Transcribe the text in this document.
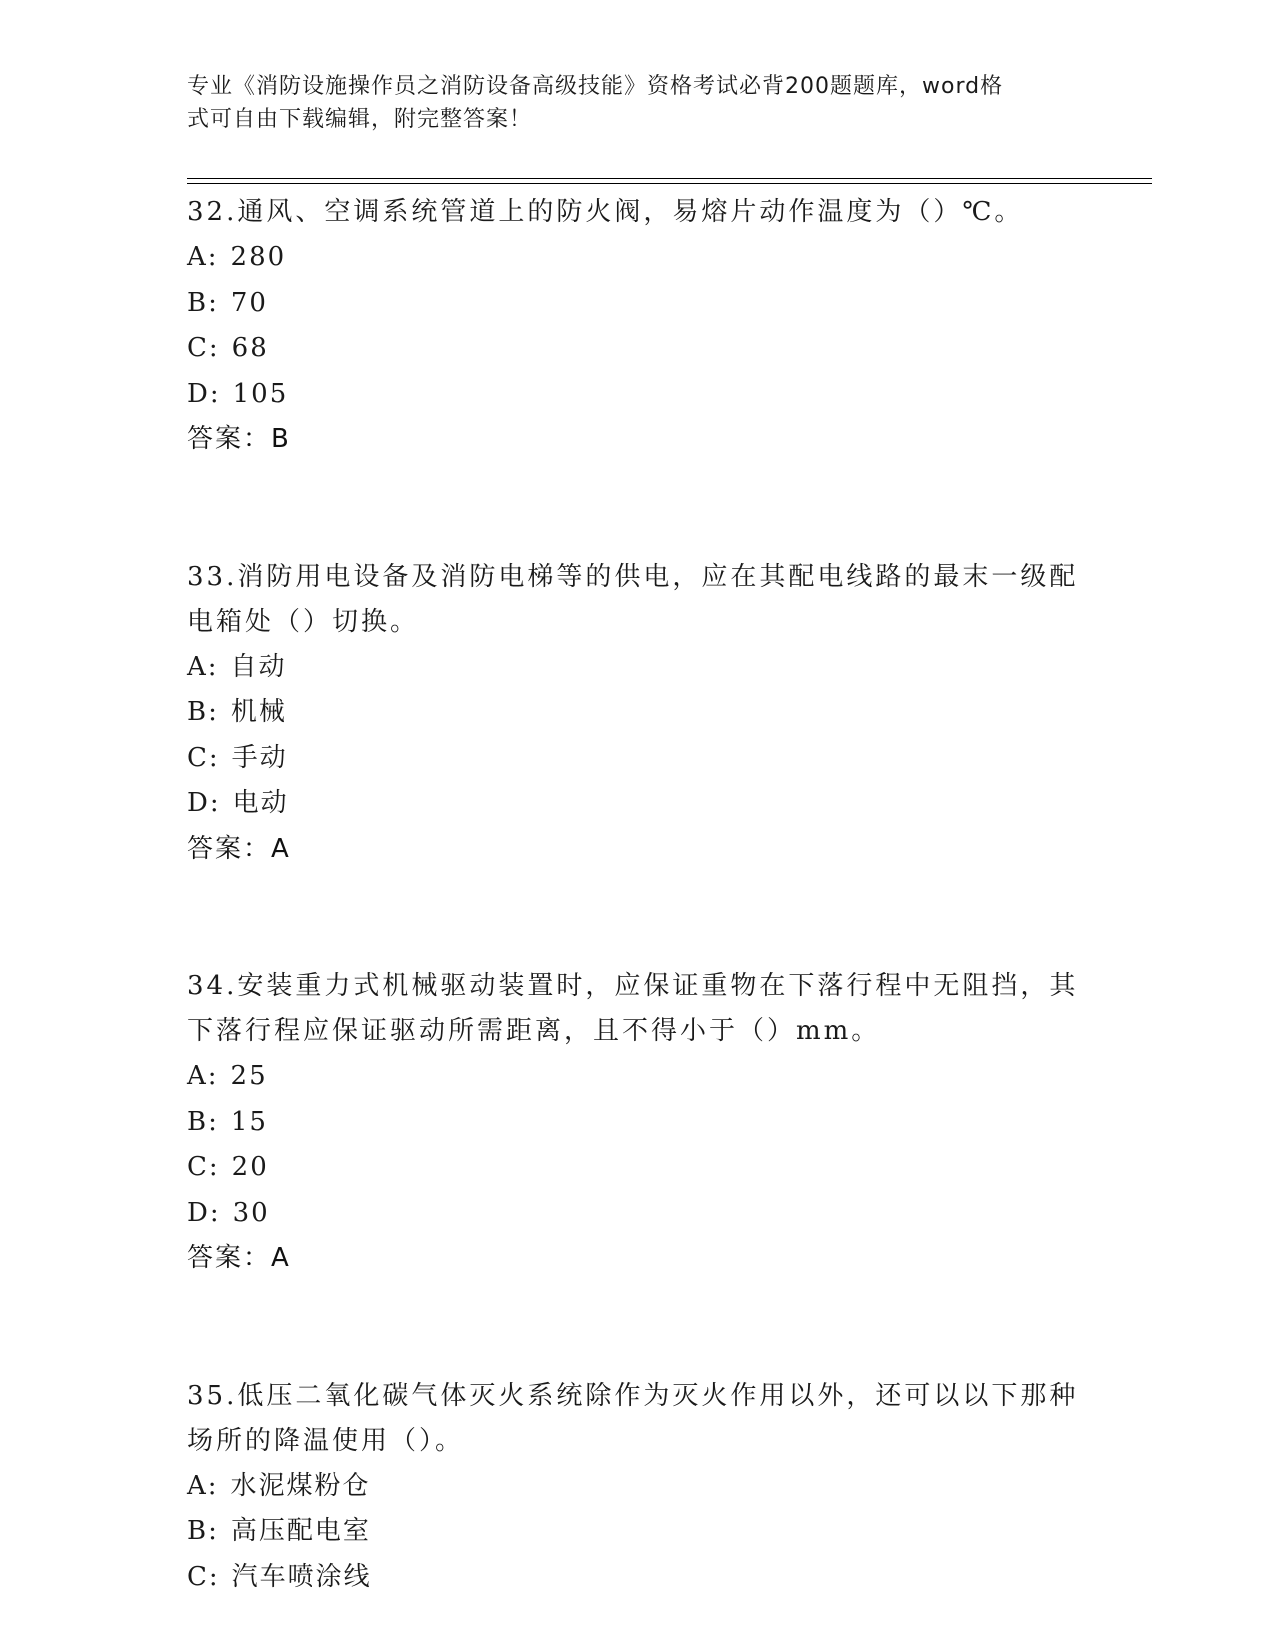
专业《消防设施操作员之消防设备高级技能》资格考试必背200题题库，word格
式可自由下载编辑，附完整答案！
32.通风、空调系统管道上的防火阀，易熔片动作温度为（）℃。
A: 280
B: 70
C: 68
D: 105
答案：B
33.消防用电设备及消防电梯等的供电，应在其配电线路的最末一级配
电箱处（）切换。
A: 自动
B: 机械
C: 手动
D: 电动
答案：A
34.安装重力式机械驱动装置时，应保证重物在下落行程中无阻挡，其
下落行程应保证驱动所需距离，且不得小于（）mm。
A: 25
B: 15
C: 20
D: 30
答案：A
35.低压二氧化碳气体灭火系统除作为灭火作用以外，还可以以下那种
场所的降温使用（）。
A: 水泥煤粉仓
B: 高压配电室
C: 汽车喷涂线
